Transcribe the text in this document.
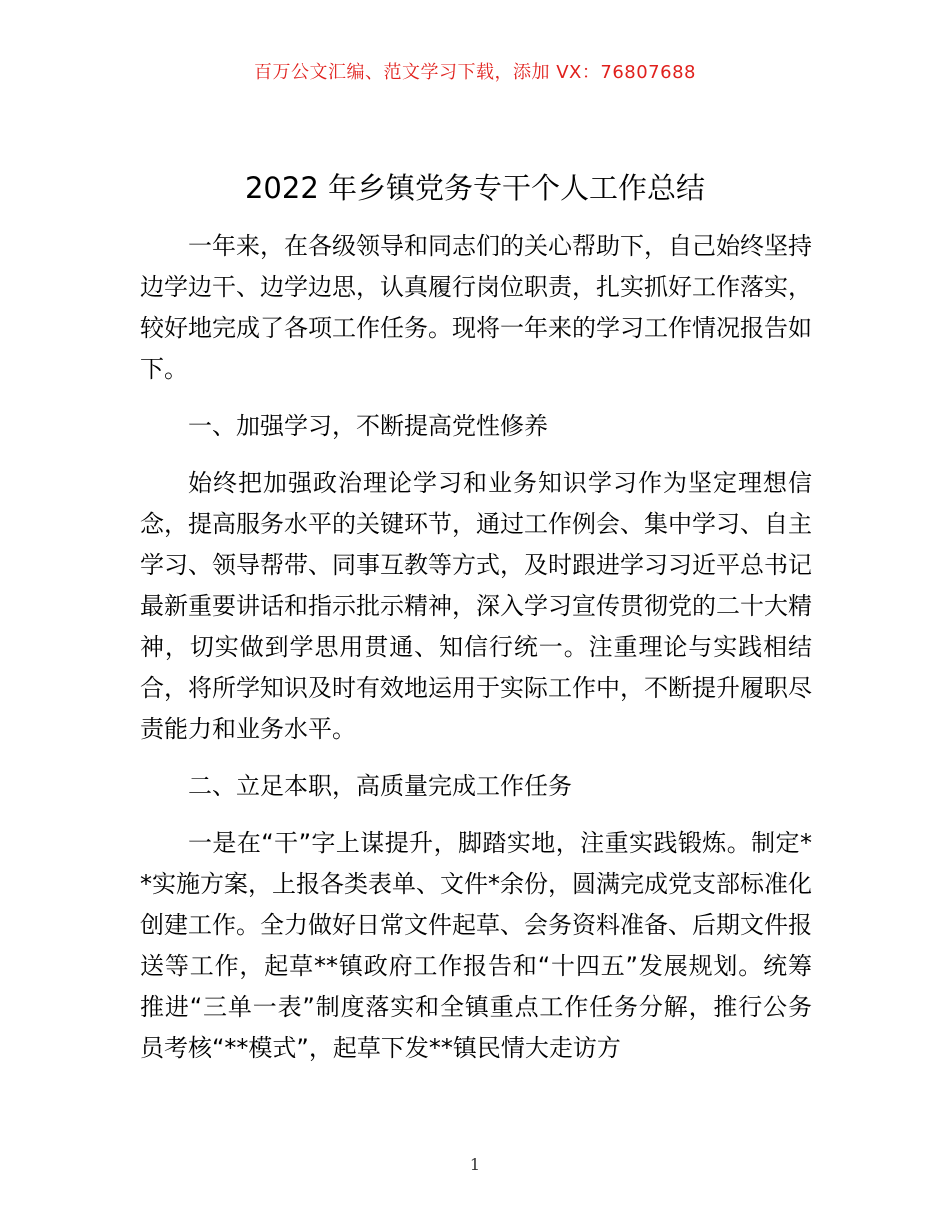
百万公文汇编、范文学习下载，添加 VX：76807688
2022 年乡镇党务专干个人工作总结

一年来，在各级领导和同志们的关心帮助下，自己始终坚持边学边干、边学边思，认真履行岗位职责，扎实抓好工作落实，较好地完成了各项工作任务。现将一年来的学习工作情况报告如下。

一、加强学习，不断提高党性修养

始终把加强政治理论学习和业务知识学习作为坚定理想信念，提高服务水平的关键环节，通过工作例会、集中学习、自主学习、领导帮带、同事互教等方式，及时跟进学习习近平总书记最新重要讲话和指示批示精神，深入学习宣传贯彻党的二十大精神，切实做到学思用贯通、知信行统一。注重理论与实践相结合，将所学知识及时有效地运用于实际工作中，不断提升履职尽责能力和业务水平。

二、立足本职，高质量完成工作任务

一是在“干”字上谋提升，脚踏实地，注重实践锻炼。制定**实施方案，上报各类表单、文件*余份，圆满完成党支部标准化创建工作。全力做好日常文件起草、会务资料准备、后期文件报送等工作，起草**镇政府工作报告和“十四五”发展规划。统筹推进“三单一表”制度落实和全镇重点工作任务分解，推行公务员考核“**模式”，起草下发**镇民情大走访方

1
